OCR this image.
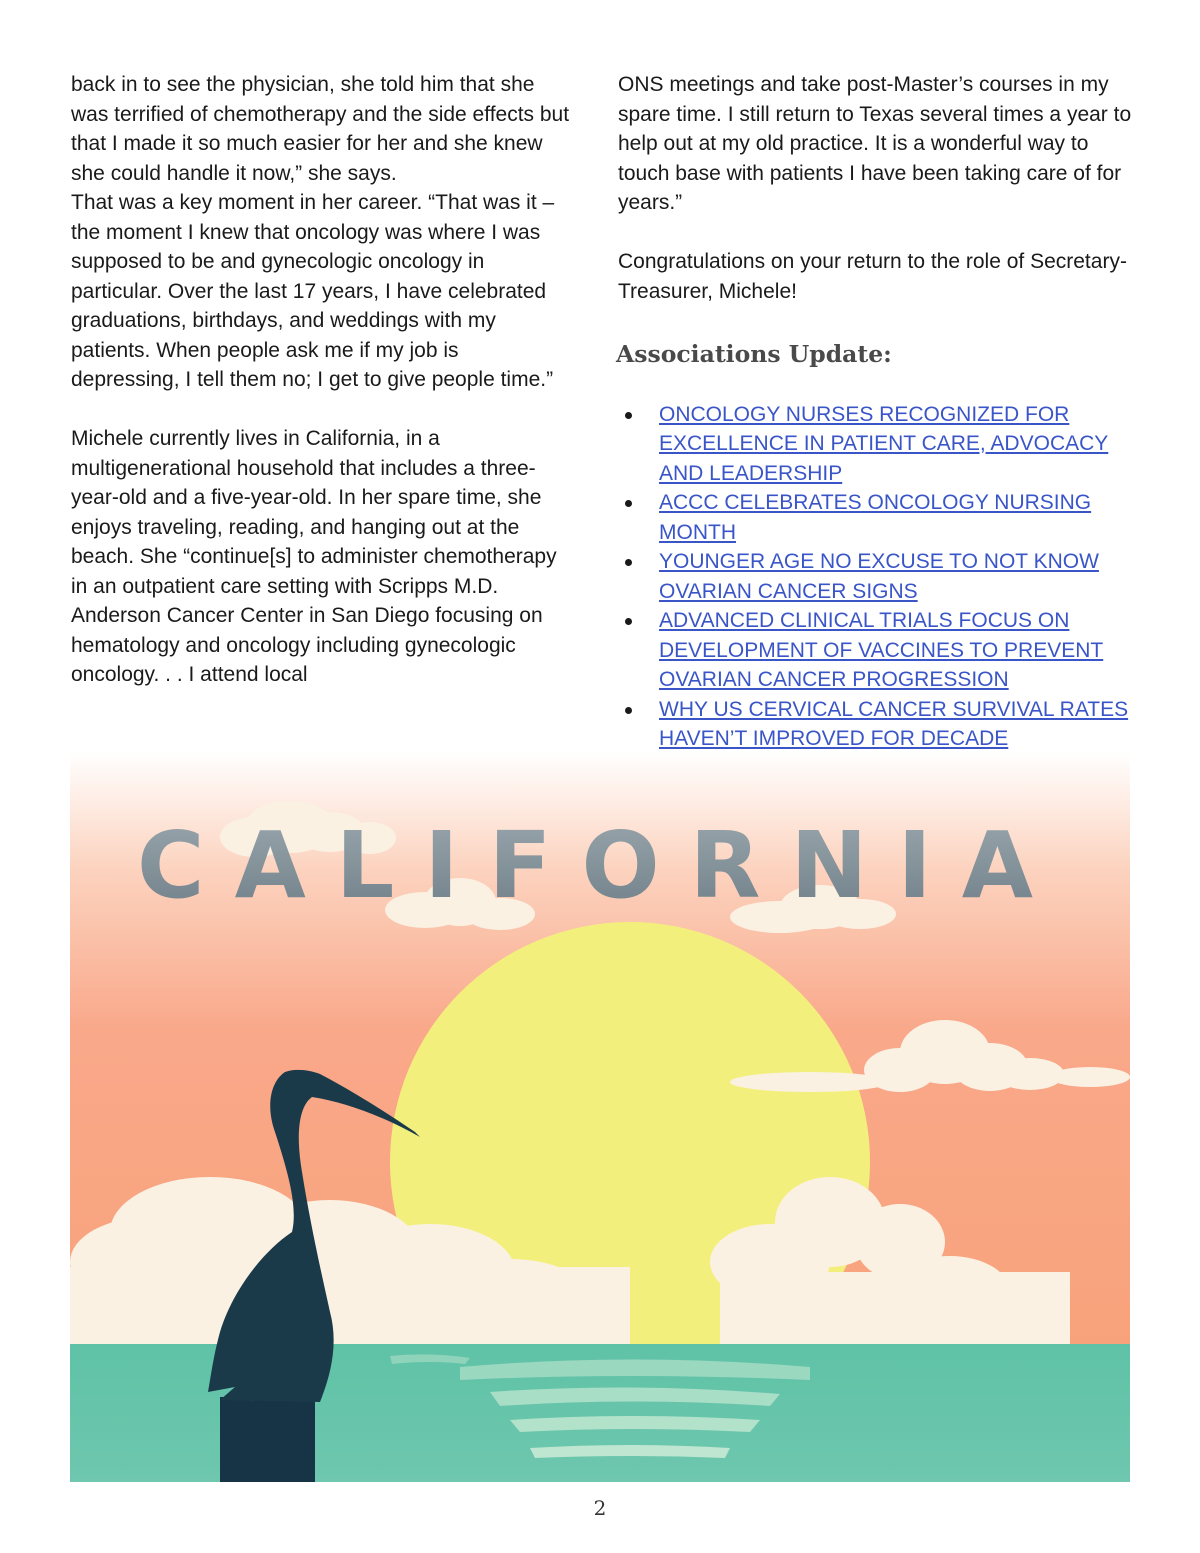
back in to see the physician, she told him that she was terrified of chemotherapy and the side effects but that I made it so much easier for her and she knew she could handle it now,” she says.

That was a key moment in her career. “That was it – the moment I knew that oncology was where I was supposed to be and gynecologic oncology in particular. Over the last 17 years, I have celebrated graduations, birthdays, and weddings with my patients. When people ask me if my job is depressing, I tell them no; I get to give people time.”

Michele currently lives in California, in a multigenerational household that includes a three-year-old and a five-year-old. In her spare time, she enjoys traveling, reading, and hanging out at the beach. She “continue[s] to administer chemotherapy in an outpatient care setting with Scripps M.D. Anderson Cancer Center in San Diego focusing on hematology and oncology including gynecologic oncology. . . I attend local

ONS meetings and take post-Master’s courses in my spare time. I still return to Texas several times a year to help out at my old practice. It is a wonderful way to touch base with patients I have been taking care of for years.”

Congratulations on your return to the role of Secretary-Treasurer, Michele!

Associations Update:
ONCOLOGY NURSES RECOGNIZED FOR EXCELLENCE IN PATIENT CARE, ADVOCACY AND LEADERSHIP
ACCC CELEBRATES ONCOLOGY NURSING MONTH
YOUNGER AGE NO EXCUSE TO NOT KNOW OVARIAN CANCER SIGNS
ADVANCED CLINICAL TRIALS FOCUS ON DEVELOPMENT OF VACCINES TO PREVENT OVARIAN CANCER PROGRESSION
WHY US CERVICAL CANCER SURVIVAL RATES HAVEN’T IMPROVED FOR DECADE
CALIFORNIA
2
